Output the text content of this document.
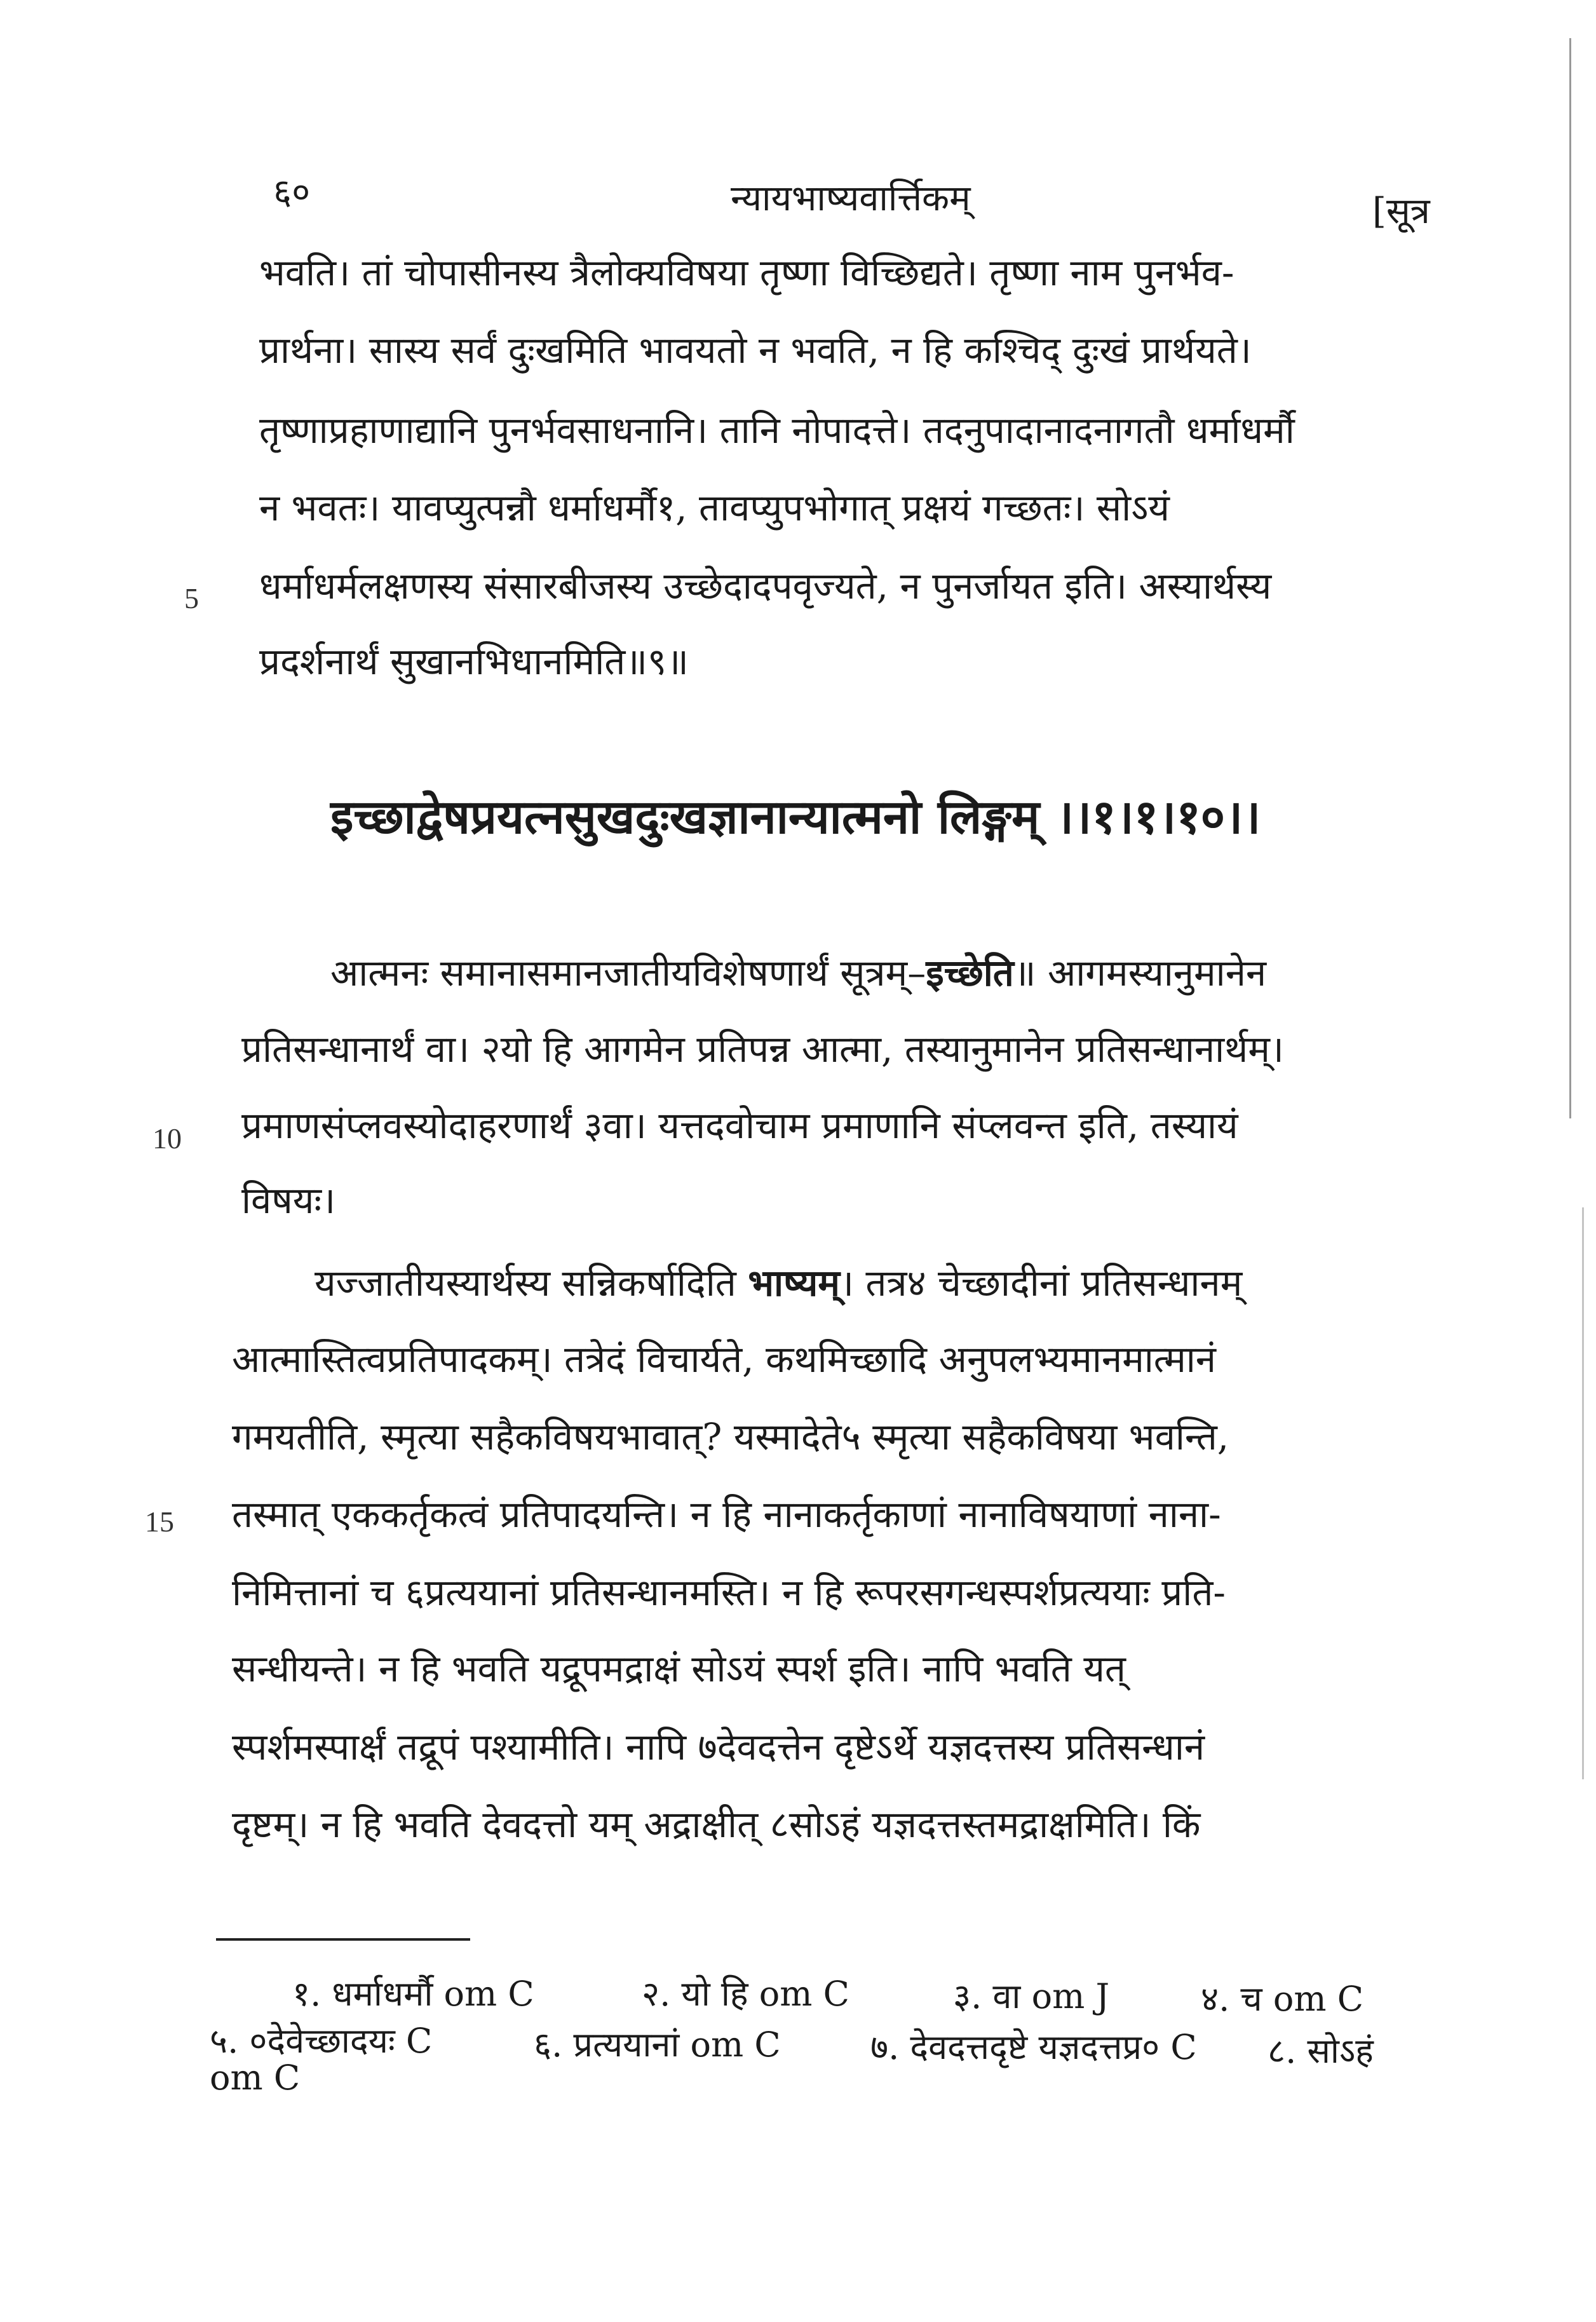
६०	न्यायभाष्यवार्त्तिकम्	[सूत्र
भवति। तां चोपासीनस्य त्रैलोक्यविषया तृष्णा विच्छिद्यते। तृष्णा नाम पुनर्भव-
प्रार्थना। सास्य सर्वं दुःखमिति भावयतो न भवति, न हि कश्चिद् दुःखं प्रार्थयते।
तृष्णाप्रहाणाद्यानि पुनर्भवसाधनानि। तानि नोपादत्ते। तदनुपादानादनागतौ धर्माधर्मौ
न भवतः। यावप्युत्पन्नौ धर्माधर्मौ१, तावप्युपभोगात् प्रक्षयं गच्छतः। सोऽयं
धर्माधर्मलक्षणस्य संसारबीजस्य उच्छेदादपवृज्यते, न पुनर्जायत इति। अस्यार्थस्य
प्रदर्शनार्थं सुखानभिधानमिति॥९॥
5
इच्छाद्वेषप्रयत्नसुखदुःखज्ञानान्यात्मनो लिङ्गम् ।।१।१।१०।।
आत्मनः समानासमानजातीयविशेषणार्थं सूत्रम्–इच्छेति॥ आगमस्यानुमानेन
प्रतिसन्धानार्थं वा। २यो हि आगमेन प्रतिपन्न आत्मा, तस्यानुमानेन प्रतिसन्धानार्थम्।
प्रमाणसंप्लवस्योदाहरणार्थं ३वा। यत्तदवोचाम प्रमाणानि संप्लवन्त इति, तस्यायं
विषयः।
10
यज्जातीयस्यार्थस्य सन्निकर्षादिति भाष्यम्। तत्र४ चेच्छादीनां प्रतिसन्धानम्
आत्मास्तित्वप्रतिपादकम्। तत्रेदं विचार्यते, कथमिच्छादि अनुपलभ्यमानमात्मानं
गमयतीति, स्मृत्या सहैकविषयभावात्? यस्मादेते५ स्मृत्या सहैकविषया भवन्ति,
तस्मात् एककर्तृकत्वं प्रतिपादयन्ति। न हि नानाकर्तृकाणां नानाविषयाणां नाना-
निमित्तानां च ६प्रत्ययानां प्रतिसन्धानमस्ति। न हि रूपरसगन्धस्पर्शप्रत्ययाः प्रति-
सन्धीयन्ते। न हि भवति यद्रूपमद्राक्षं सोऽयं स्पर्श इति। नापि भवति यत्
स्पर्शमस्पार्क्षं तद्रूपं पश्यामीति। नापि ७देवदत्तेन दृष्टेऽर्थे यज्ञदत्तस्य प्रतिसन्धानं
दृष्टम्। न हि भवति देवदत्तो यम् अद्राक्षीत् ८सोऽहं यज्ञदत्तस्तमद्राक्षमिति। किं
15
१. धर्माधर्मौ om C	२. यो हि om C	३. वा om J	४. च om C
५. ०देवेच्छादयः C	६. प्रत्ययानां om C	७. देवदत्तदृष्टे यज्ञदत्तप्र० C ८. सोऽहं
om C
